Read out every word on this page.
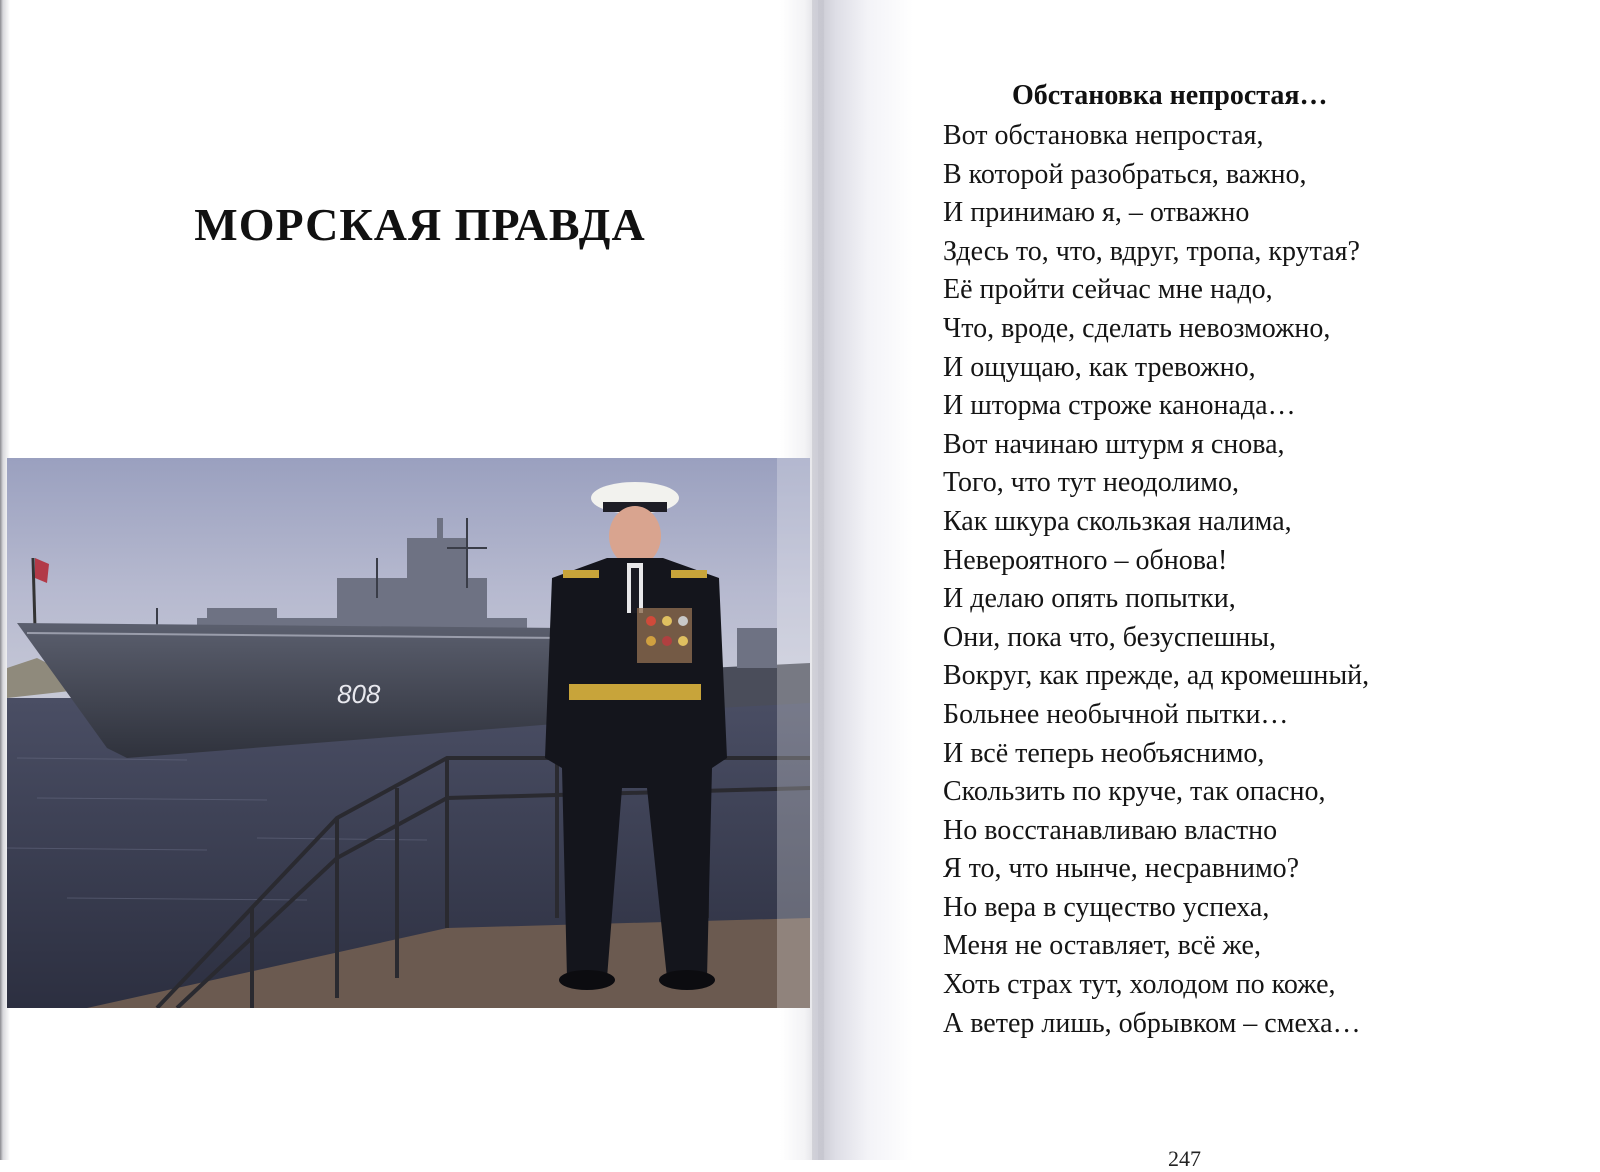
МОРСКАЯ ПРАВДА
808
Обстановка непростая…
Вот обстановка непростая,
В которой разобраться, важно,
И принимаю я, – отважно
Здесь то, что, вдруг, тропа, крутая?
Её пройти сейчас мне надо,
Что, вроде, сделать невозможно,
И ощущаю, как тревожно,
И шторма строже канонада…
Вот начинаю штурм я снова,
Того, что тут неодолимо,
Как шкура скользкая налима,
Невероятного – обнова!
И делаю опять попытки,
Они, пока что, безуспешны,
Вокруг, как прежде, ад кромешный,
Больнее необычной пытки…
И всё теперь необъяснимо,
Скользить по круче, так опасно,
Но восстанавливаю властно
Я то, что нынче, несравнимо?
Но вера в существо успеха,
Меня не оставляет, всё же,
Хоть страх тут, холодом по коже,
А ветер лишь, обрывком – смеха…
247
